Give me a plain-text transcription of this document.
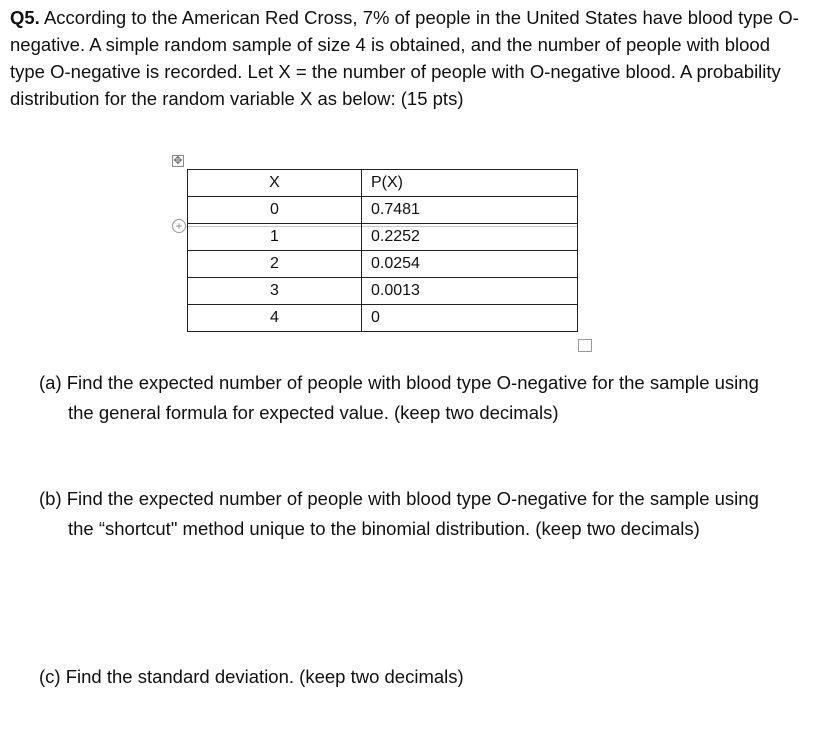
Q5. According to the American Red Cross, 7% of people in the United States have blood type O-negative. A simple random sample of size 4 is obtained, and the number of people with blood type O-negative is recorded. Let X = the number of people with O-negative blood. A probability distribution for the random variable X as below: (15 pts)
✥
+
X	P(X)
0	0.7481
1	0.2252
2	0.0254
3	0.0013
4	0
(a) Find the expected number of people with blood type O-negative for the sample using the general formula for expected value. (keep two decimals)
(b) Find the expected number of people with blood type O-negative for the sample using the “shortcut" method unique to the binomial distribution. (keep two decimals)
(c) Find the standard deviation. (keep two decimals)
